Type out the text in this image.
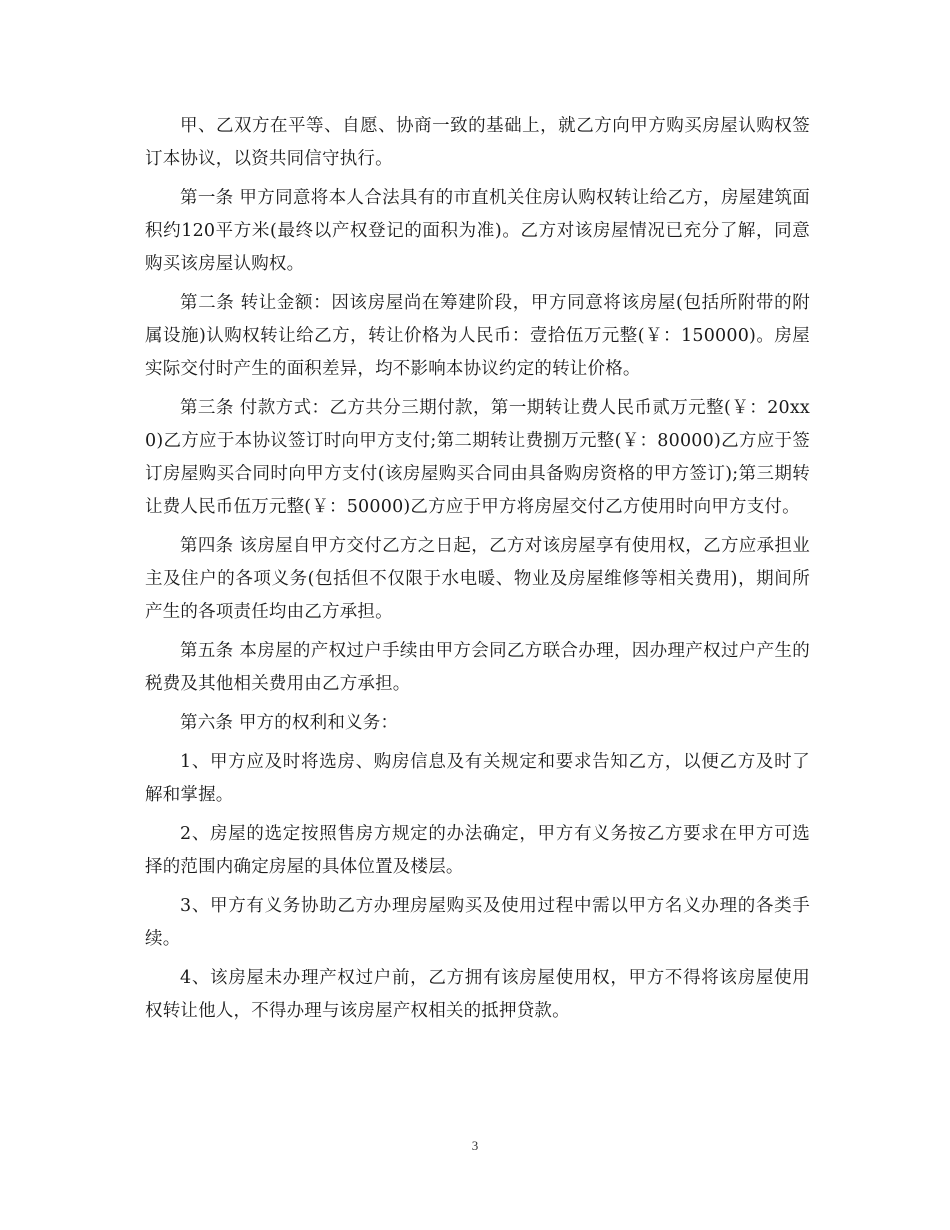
甲、乙双方在平等、自愿、协商一致的基础上，就乙方向甲方购买房屋认购权签订本协议，以资共同信守执行。

第一条 甲方同意将本人合法具有的市直机关住房认购权转让给乙方，房屋建筑面积约120平方米(最终以产权登记的面积为准)。乙方对该房屋情况已充分了解，同意购买该房屋认购权。

第二条 转让金额：因该房屋尚在筹建阶段，甲方同意将该房屋(包括所附带的附属设施)认购权转让给乙方，转让价格为人民币：壹拾伍万元整(￥：150000)。房屋实际交付时产生的面积差异，均不影响本协议约定的转让价格。

第三条 付款方式：乙方共分三期付款，第一期转让费人民币贰万元整(￥：20xx0)乙方应于本协议签订时向甲方支付;第二期转让费捌万元整(￥：80000)乙方应于签订房屋购买合同时向甲方支付(该房屋购买合同由具备购房资格的甲方签订);第三期转让费人民币伍万元整(￥：50000)乙方应于甲方将房屋交付乙方使用时向甲方支付。

第四条 该房屋自甲方交付乙方之日起，乙方对该房屋享有使用权，乙方应承担业主及住户的各项义务(包括但不仅限于水电暖、物业及房屋维修等相关费用)，期间所产生的各项责任均由乙方承担。

第五条 本房屋的产权过户手续由甲方会同乙方联合办理，因办理产权过户产生的税费及其他相关费用由乙方承担。

第六条 甲方的权利和义务：

1、甲方应及时将选房、购房信息及有关规定和要求告知乙方，以便乙方及时了解和掌握。

2、房屋的选定按照售房方规定的办法确定，甲方有义务按乙方要求在甲方可选择的范围内确定房屋的具体位置及楼层。

3、甲方有义务协助乙方办理房屋购买及使用过程中需以甲方名义办理的各类手续。

4、该房屋未办理产权过户前，乙方拥有该房屋使用权，甲方不得将该房屋使用权转让他人，不得办理与该房屋产权相关的抵押贷款。

3
